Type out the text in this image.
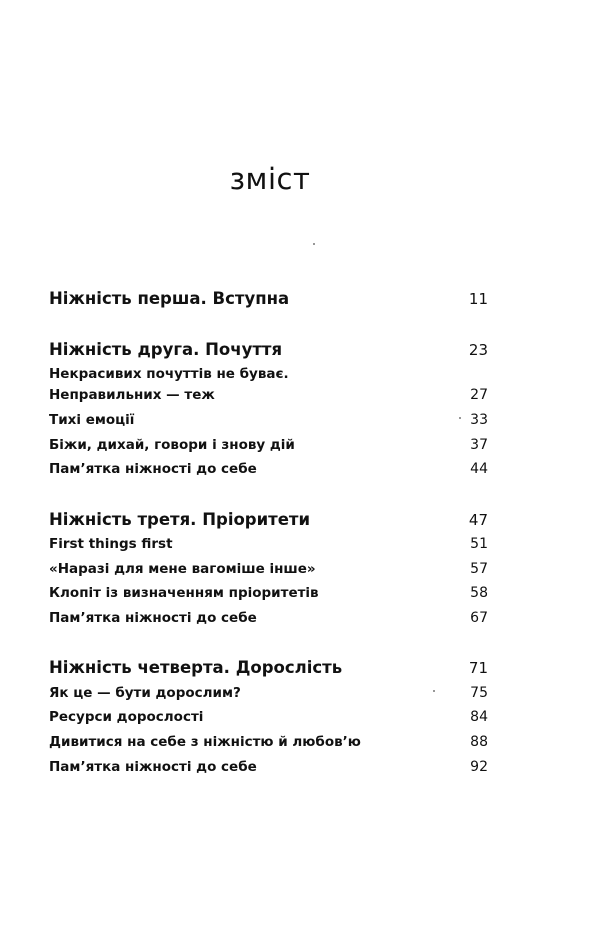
зміст
Ніжність перша. Вступна	11
Ніжність друга. Почуття	23
Некрасивих почуттів не буває.
Неправильних — теж	27
Тихі емоції	33
Біжи, дихай, говори і знову дій	37
Пам’ятка ніжності до себе	44
Ніжність третя. Пріоритети	47
First things first	51
«Наразі для мене вагоміше інше»	57
Клопіт із визначенням пріоритетів	58
Пам’ятка ніжності до себе	67
Ніжність четверта. Дорослість	71
Як це — бути дорослим?	75
Ресурси дорослості	84
Дивитися на себе з ніжністю й любов’ю	88
Пам’ятка ніжності до себе	92
